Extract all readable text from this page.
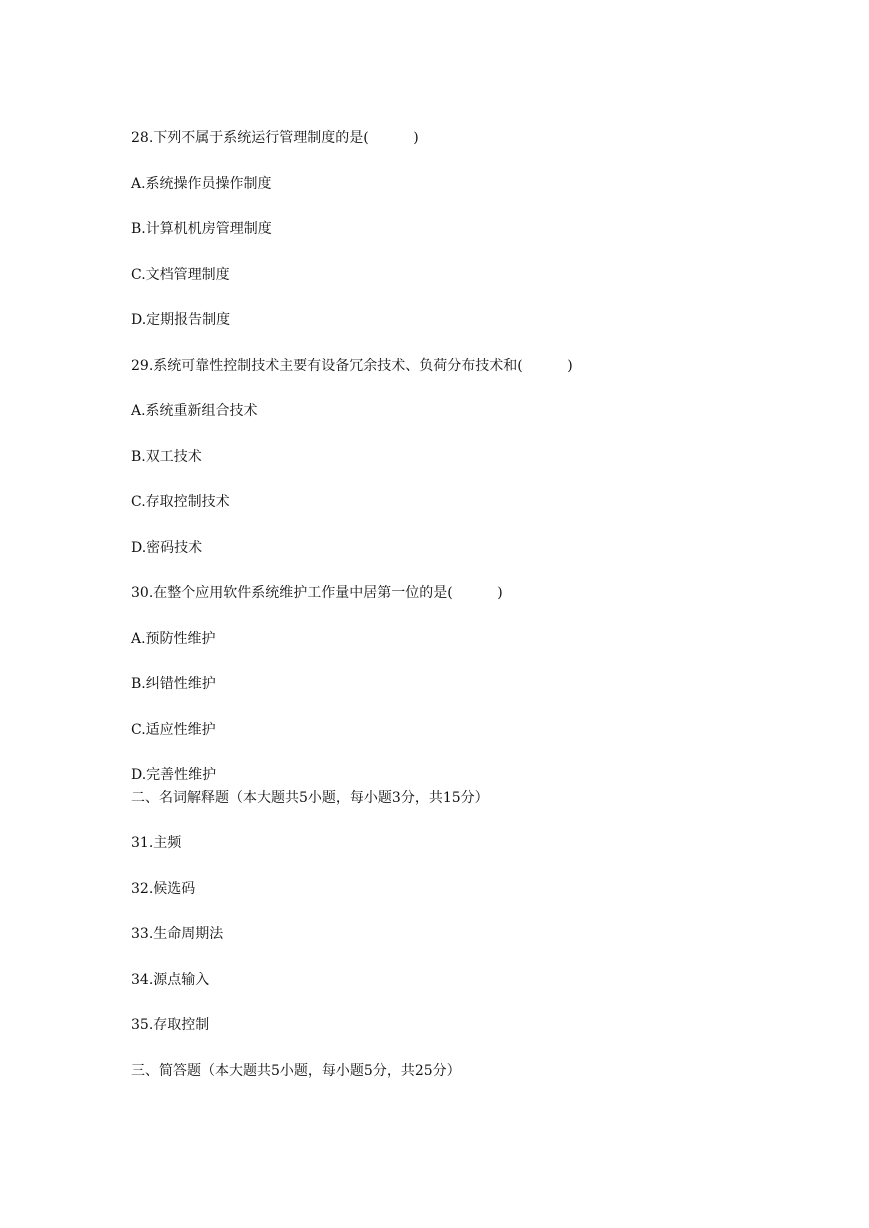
28.下列不属于系统运行管理制度的是(          )
A.系统操作员操作制度
B.计算机机房管理制度
C.文档管理制度
D.定期报告制度
29.系统可靠性控制技术主要有设备冗余技术、负荷分布技术和(          )
A.系统重新组合技术
B.双工技术
C.存取控制技术
D.密码技术
30.在整个应用软件系统维护工作量中居第一位的是(          )
A.预防性维护
B.纠错性维护
C.适应性维护
D.完善性维护
二、名词解释题（本大题共5小题，每小题3分，共15分）
31.主频
32.候选码
33.生命周期法
34.源点输入
35.存取控制
三、简答题（本大题共5小题，每小题5分，共25分）
